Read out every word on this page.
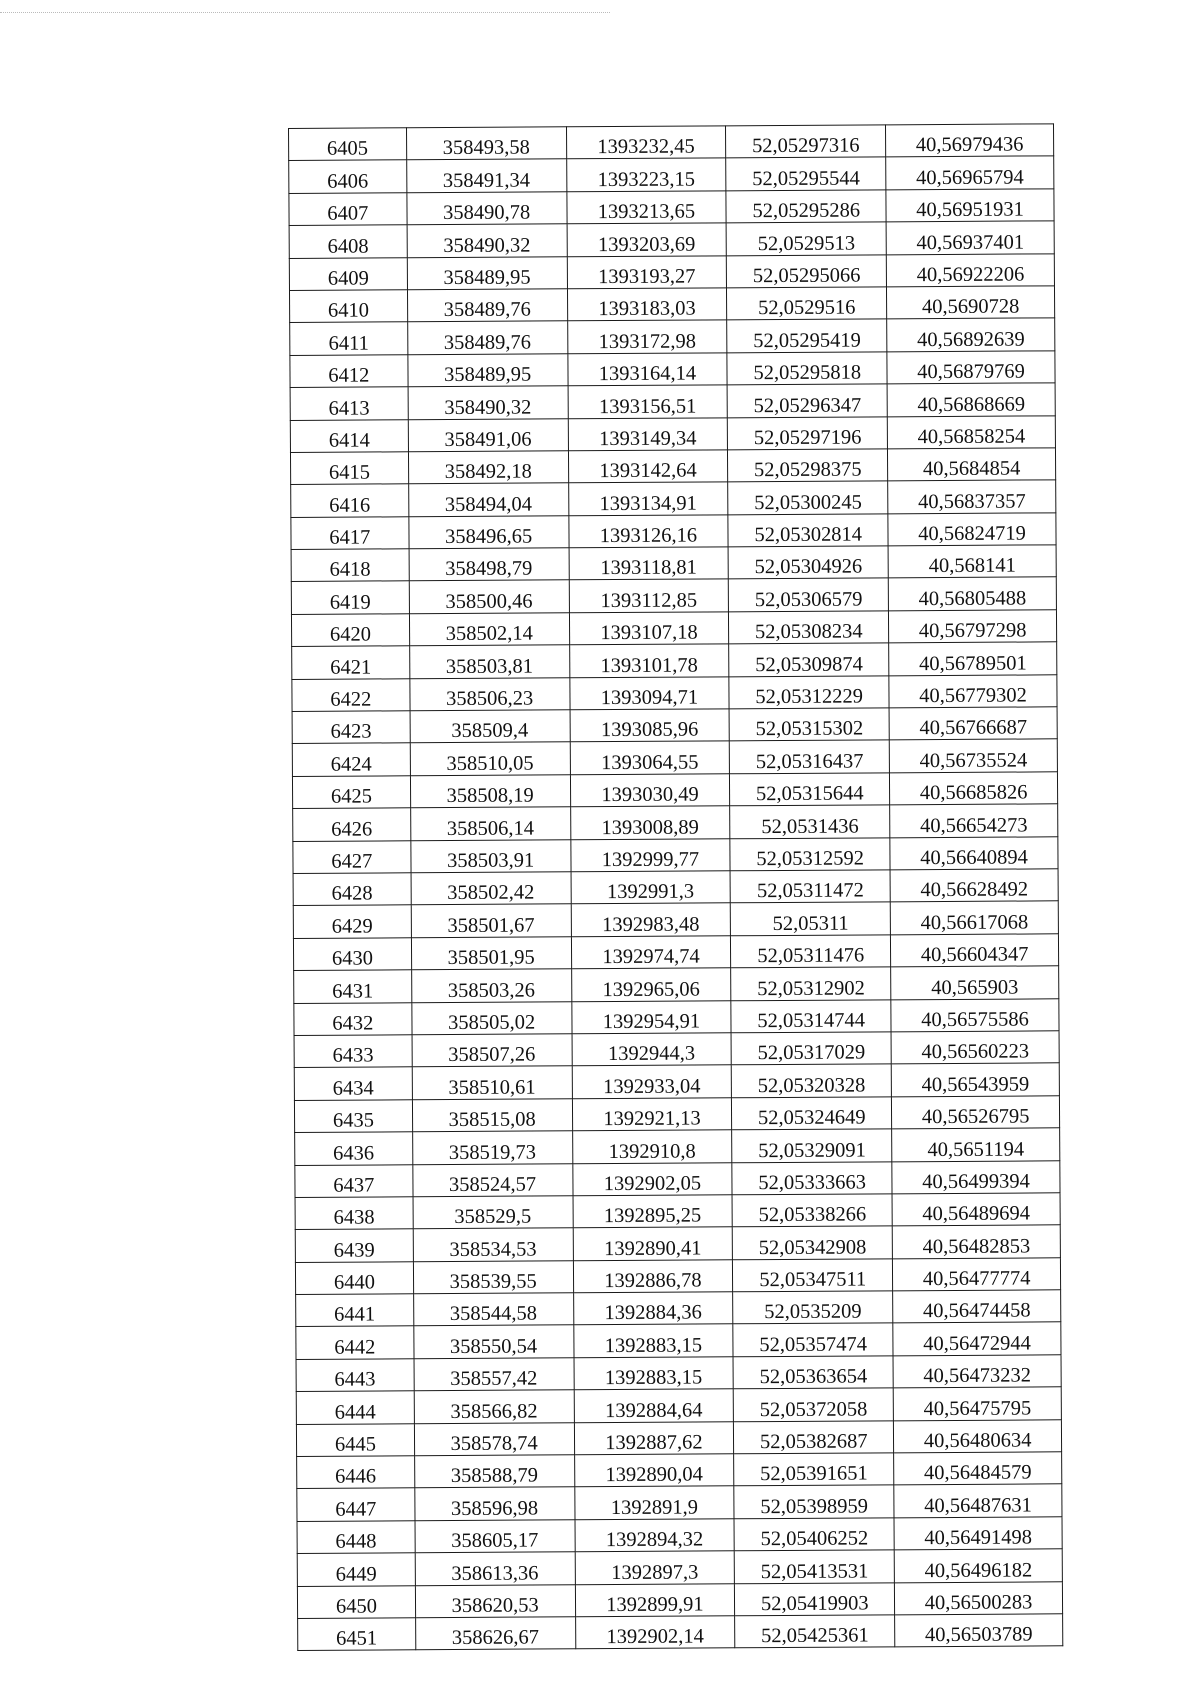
6405	358493,58	1393232,45	52,05297316	40,56979436
6406	358491,34	1393223,15	52,05295544	40,56965794
6407	358490,78	1393213,65	52,05295286	40,56951931
6408	358490,32	1393203,69	52,0529513	40,56937401
6409	358489,95	1393193,27	52,05295066	40,56922206
6410	358489,76	1393183,03	52,0529516	40,5690728
6411	358489,76	1393172,98	52,05295419	40,56892639
6412	358489,95	1393164,14	52,05295818	40,56879769
6413	358490,32	1393156,51	52,05296347	40,56868669
6414	358491,06	1393149,34	52,05297196	40,56858254
6415	358492,18	1393142,64	52,05298375	40,5684854
6416	358494,04	1393134,91	52,05300245	40,56837357
6417	358496,65	1393126,16	52,05302814	40,56824719
6418	358498,79	1393118,81	52,05304926	40,568141
6419	358500,46	1393112,85	52,05306579	40,56805488
6420	358502,14	1393107,18	52,05308234	40,56797298
6421	358503,81	1393101,78	52,05309874	40,56789501
6422	358506,23	1393094,71	52,05312229	40,56779302
6423	358509,4	1393085,96	52,05315302	40,56766687
6424	358510,05	1393064,55	52,05316437	40,56735524
6425	358508,19	1393030,49	52,05315644	40,56685826
6426	358506,14	1393008,89	52,0531436	40,56654273
6427	358503,91	1392999,77	52,05312592	40,56640894
6428	358502,42	1392991,3	52,05311472	40,56628492
6429	358501,67	1392983,48	52,05311	40,56617068
6430	358501,95	1392974,74	52,05311476	40,56604347
6431	358503,26	1392965,06	52,05312902	40,565903
6432	358505,02	1392954,91	52,05314744	40,56575586
6433	358507,26	1392944,3	52,05317029	40,56560223
6434	358510,61	1392933,04	52,05320328	40,56543959
6435	358515,08	1392921,13	52,05324649	40,56526795
6436	358519,73	1392910,8	52,05329091	40,5651194
6437	358524,57	1392902,05	52,05333663	40,56499394
6438	358529,5	1392895,25	52,05338266	40,56489694
6439	358534,53	1392890,41	52,05342908	40,56482853
6440	358539,55	1392886,78	52,05347511	40,56477774
6441	358544,58	1392884,36	52,0535209	40,56474458
6442	358550,54	1392883,15	52,05357474	40,56472944
6443	358557,42	1392883,15	52,05363654	40,56473232
6444	358566,82	1392884,64	52,05372058	40,56475795
6445	358578,74	1392887,62	52,05382687	40,56480634
6446	358588,79	1392890,04	52,05391651	40,56484579
6447	358596,98	1392891,9	52,05398959	40,56487631
6448	358605,17	1392894,32	52,05406252	40,56491498
6449	358613,36	1392897,3	52,05413531	40,56496182
6450	358620,53	1392899,91	52,05419903	40,56500283
6451	358626,67	1392902,14	52,05425361	40,56503789
